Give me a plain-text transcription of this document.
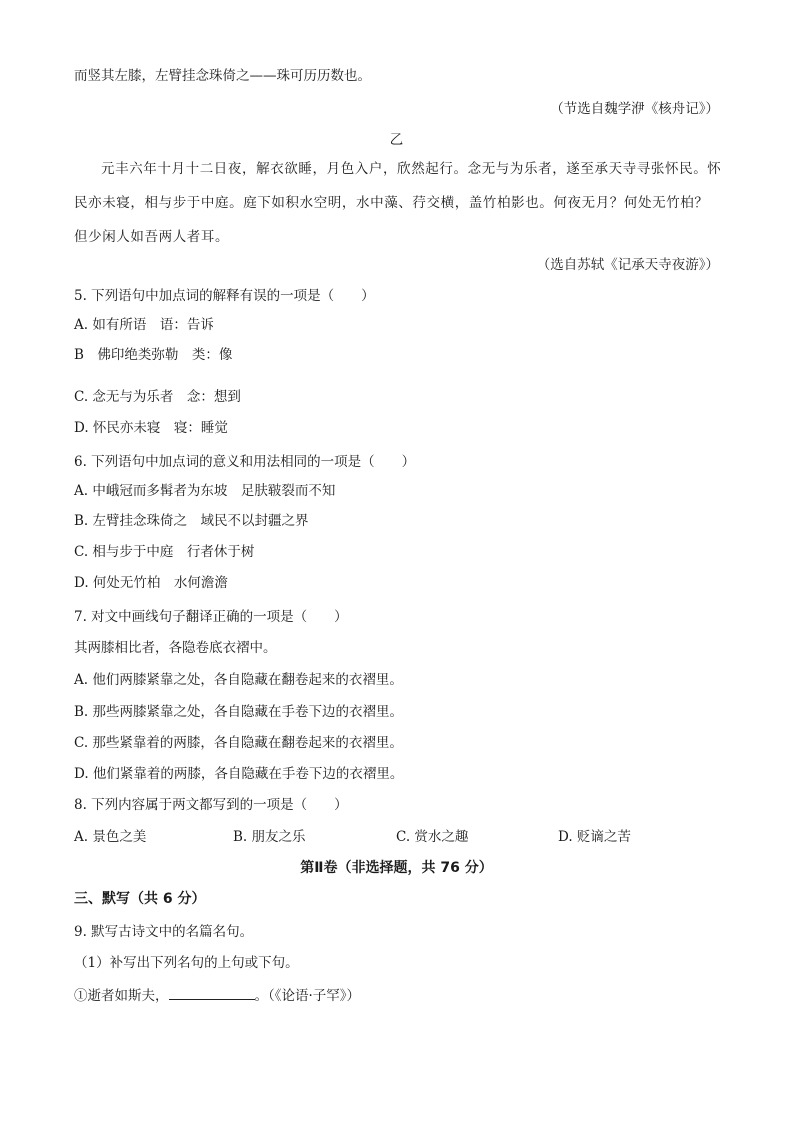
而竖其左膝，左臂挂念珠倚之——珠可历历数也。
（节选自魏学洢《核舟记》）
乙
元丰六年十月十二日夜，解衣欲睡，月色入户，欣然起行。念无与为乐者，遂至承天寺寻张怀民。怀民亦未寝，相与步于中庭。庭下如积水空明，水中藻、荇交横，盖竹柏影也。何夜无月？何处无竹柏？但少闲人如吾两人者耳。
（选自苏轼《记承天寺夜游》）
5. 下列语句中加点词的解释有误的一项是（　　）
A. 如有所语　语：告诉
B　佛印绝类弥勒　类：像
C. 念无与为乐者　念：想到
D. 怀民亦未寝　寝：睡觉
6. 下列语句中加点词的意义和用法相同的一项是（　　）
A. 中峨冠而多髯者为东坡　足肤皲裂而不知
B. 左臂挂念珠倚之　域民不以封疆之界
C. 相与步于中庭　行者休于树
D. 何处无竹柏　水何澹澹
7. 对文中画线句子翻译正确的一项是（　　）
其两膝相比者，各隐卷底衣褶中。
A. 他们两膝紧靠之处，各自隐藏在翻卷起来的衣褶里。
B. 那些两膝紧靠之处，各自隐藏在手卷下边的衣褶里。
C. 那些紧靠着的两膝，各自隐藏在翻卷起来的衣褶里。
D. 他们紧靠着的两膝，各自隐藏在手卷下边的衣褶里。
8. 下列内容属于两文都写到的一项是（　　）
A. 景色之美	B. 朋友之乐	C. 赏水之趣	D. 贬谪之苦
第Ⅱ卷（非选择题，共 76 分）
三、默写（共 6 分）
9. 默写古诗文中的名篇名句。
（1）补写出下列名句的上句或下句。
①逝者如斯夫，	。（《论语·子罕》）
